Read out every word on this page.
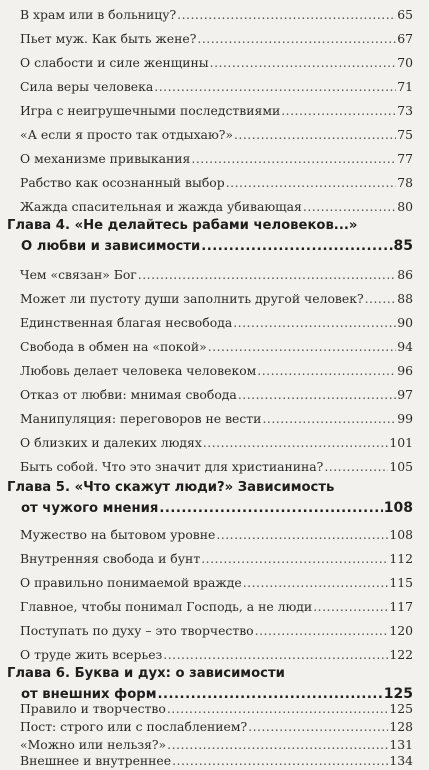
В храм или в больницу? .....	65
Пьет муж. Как быть жене? .....	67
О слабости и силе женщины .....	70
Сила веры человека .....	71
Игра с неигрушечными последствиями .....	73
«А если я просто так отдыхаю?» .....	75
О механизме привыкания .....	77
Рабство как осознанный выбор .....	78
Жажда спасительная и жажда убивающая .....	80
Глава 4. «Не делайтесь рабами человеков...»
О любви и зависимости .....	85
Чем «связан» Бог .....	86
Может ли пустоту души заполнить другой человек? .....	88
Единственная благая несвобода .....	90
Свобода в обмен на «покой» .....	94
Любовь делает человека человеком .....	96
Отказ от любви: мнимая свобода .....	97
Манипуляция: переговоров не вести .....	99
О близких и далеких людях .....	101
Быть собой. Что это значит для христианина? .....	105
Глава 5. «Что скажут люди?» Зависимость
от чужого мнения .....	108
Мужество на бытовом уровне .....	108
Внутренняя свобода и бунт .....	112
О правильно понимаемой вражде .....	115
Главное, чтобы понимал Господь, а не люди .....	117
Поступать по духу – это творчество .....	120
О труде жить всерьез .....	122
Глава 6. Буква и дух: о зависимости
от внешних форм .....	125
Правило и творчество .....	125
Пост: строго или с послаблением? .....	128
«Можно или нельзя?» .....	131
Внешнее и внутреннее .....	134
